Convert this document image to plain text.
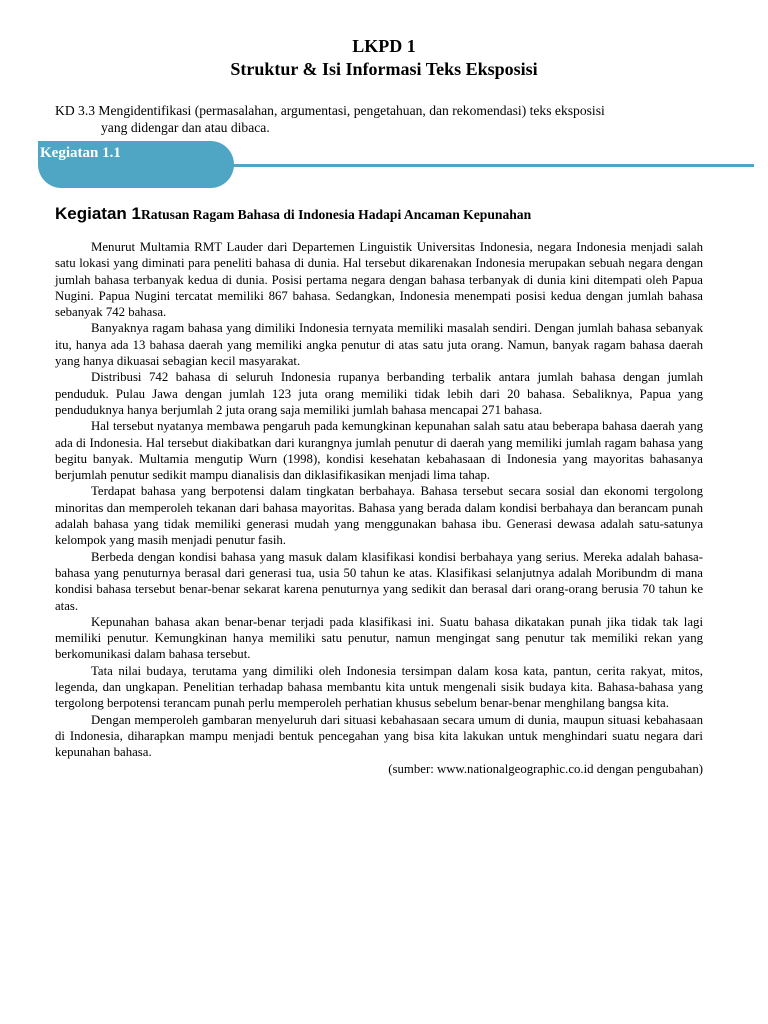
LKPD 1
Struktur & Isi Informasi Teks Eksposisi
KD 3.3 Mengidentifikasi (permasalahan, argumentasi, pengetahuan, dan rekomendasi) teks eksposisi
yang didengar dan atau dibaca.
Kegiatan 1.1
Kegiatan 1Ratusan Ragam Bahasa di Indonesia Hadapi Ancaman Kepunahan

Menurut Multamia RMT Lauder dari Departemen Linguistik Universitas Indonesia, negara Indonesia menjadi salah satu lokasi yang diminati para peneliti bahasa di dunia. Hal tersebut dikarenakan Indonesia merupakan sebuah negara dengan jumlah bahasa terbanyak kedua di dunia. Posisi pertama negara dengan bahasa terbanyak di dunia kini ditempati oleh Papua Nugini. Papua Nugini tercatat memiliki 867 bahasa. Sedangkan, Indonesia menempati posisi kedua dengan jumlah bahasa sebanyak 742 bahasa.

Banyaknya ragam bahasa yang dimiliki Indonesia ternyata memiliki masalah sendiri. Dengan jumlah bahasa sebanyak itu, hanya ada 13 bahasa daerah yang memiliki angka penutur di atas satu juta orang. Namun, banyak ragam bahasa daerah yang hanya dikuasai sebagian kecil masyarakat.

Distribusi 742 bahasa di seluruh Indonesia rupanya berbanding terbalik antara jumlah bahasa dengan jumlah penduduk. Pulau Jawa dengan jumlah 123 juta orang memiliki tidak lebih dari 20 bahasa. Sebaliknya, Papua yang penduduknya hanya berjumlah 2 juta orang saja memiliki jumlah bahasa mencapai 271 bahasa.

Hal tersebut nyatanya membawa pengaruh pada kemungkinan kepunahan salah satu atau beberapa bahasa daerah yang ada di Indonesia. Hal tersebut diakibatkan dari kurangnya jumlah penutur di daerah yang memiliki jumlah ragam bahasa yang begitu banyak. Multamia mengutip Wurn (1998), kondisi kesehatan kebahasaan di Indonesia yang mayoritas bahasanya berjumlah penutur sedikit mampu dianalisis dan diklasifikasikan menjadi lima tahap.

Terdapat bahasa yang berpotensi dalam tingkatan berbahaya. Bahasa tersebut secara sosial dan ekonomi tergolong minoritas dan memperoleh tekanan dari bahasa mayoritas. Bahasa yang berada dalam kondisi berbahaya dan berancam punah adalah bahasa yang tidak memiliki generasi mudah yang menggunakan bahasa ibu. Generasi dewasa adalah satu-satunya kelompok yang masih menjadi penutur fasih.

Berbeda dengan kondisi bahasa yang masuk dalam klasifikasi kondisi berbahaya yang serius. Mereka adalah bahasa-bahasa yang penuturnya berasal dari generasi tua, usia 50 tahun ke atas. Klasifikasi selanjutnya adalah Moribundm di mana kondisi bahasa tersebut benar-benar sekarat karena penuturnya yang sedikit dan berasal dari orang-orang berusia 70 tahun ke atas.

Kepunahan bahasa akan benar-benar terjadi pada klasifikasi ini. Suatu bahasa dikatakan punah jika tidak tak lagi memiliki penutur. Kemungkinan hanya memiliki satu penutur, namun mengingat sang penutur tak memiliki rekan yang berkomunikasi dalam bahasa tersebut.

Tata nilai budaya, terutama yang dimiliki oleh Indonesia tersimpan dalam kosa kata, pantun, cerita rakyat, mitos, legenda, dan ungkapan. Penelitian terhadap bahasa membantu kita untuk mengenali sisik budaya kita. Bahasa-bahasa yang tergolong berpotensi terancam punah perlu memperoleh perhatian khusus sebelum benar-benar menghilang bangsa kita.

Dengan memperoleh gambaran menyeluruh dari situasi kebahasaan secara umum di dunia, maupun situasi kebahasaan di Indonesia, diharapkan mampu menjadi bentuk pencegahan yang bisa kita lakukan untuk menghindari suatu negara dari kepunahan bahasa.

(sumber: www.nationalgeographic.co.id dengan pengubahan)
